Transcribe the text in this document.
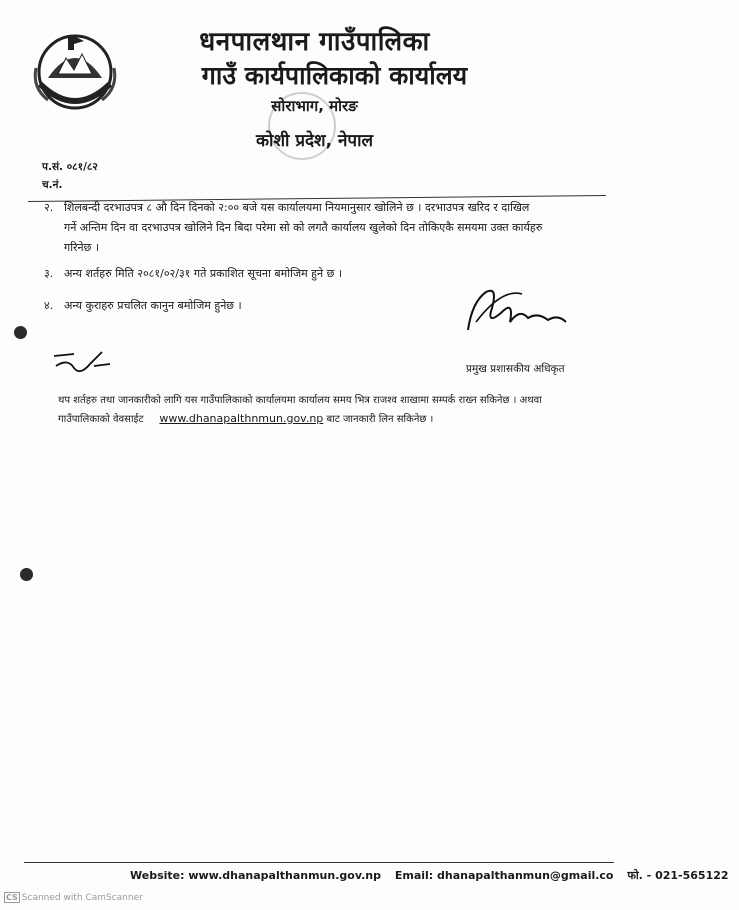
धनपालथान गाउँपालिका
गाउँ कार्यपालिकाको कार्यालय
सोराभाग, मोरङ
कोशी प्रदेश, नेपाल
प.सं. ०८१/८२
च.नं.
२. शिलबन्दी दरभाउपत्र ८ औ दिन दिनको २:०० बजे यस कार्यालयमा नियमानुसार खोलिने छ । दरभाउपत्र खरिद र दाखिल
गर्ने अन्तिम दिन वा दरभाउपत्र खोलिने दिन बिदा परेमा सो को लगतै कार्यालय खुलेको दिन तोकिएकै समयमा उक्त कार्यहरु
गरिनेछ ।
३. अन्य शर्तहरु मिति २०८१/०२/३१ गते प्रकाशित सूचना बमोजिम हुने छ ।
४. अन्य कुराहरु प्रचलित कानुन बमोजिम हुनेछ ।
प्रमुख प्रशासकीय अधिकृत
थप शर्तहरु तथा जानकारीको लागि यस गाउँपालिकाको कार्यालयमा कार्यालय समय भित्र राजश्व शाखामा सम्पर्क राख्न सकिनेछ । अथवा
गाउँपालिकाको वेवसाईट www.dhanapalthnmun.gov.np बाट जानकारी लिन सकिनेछ ।
Website: www.dhanapalthanmun.gov.np Email: dhanapalthanmun@gmail.co फो. - 021-565122
CS Scanned with CamScanner
